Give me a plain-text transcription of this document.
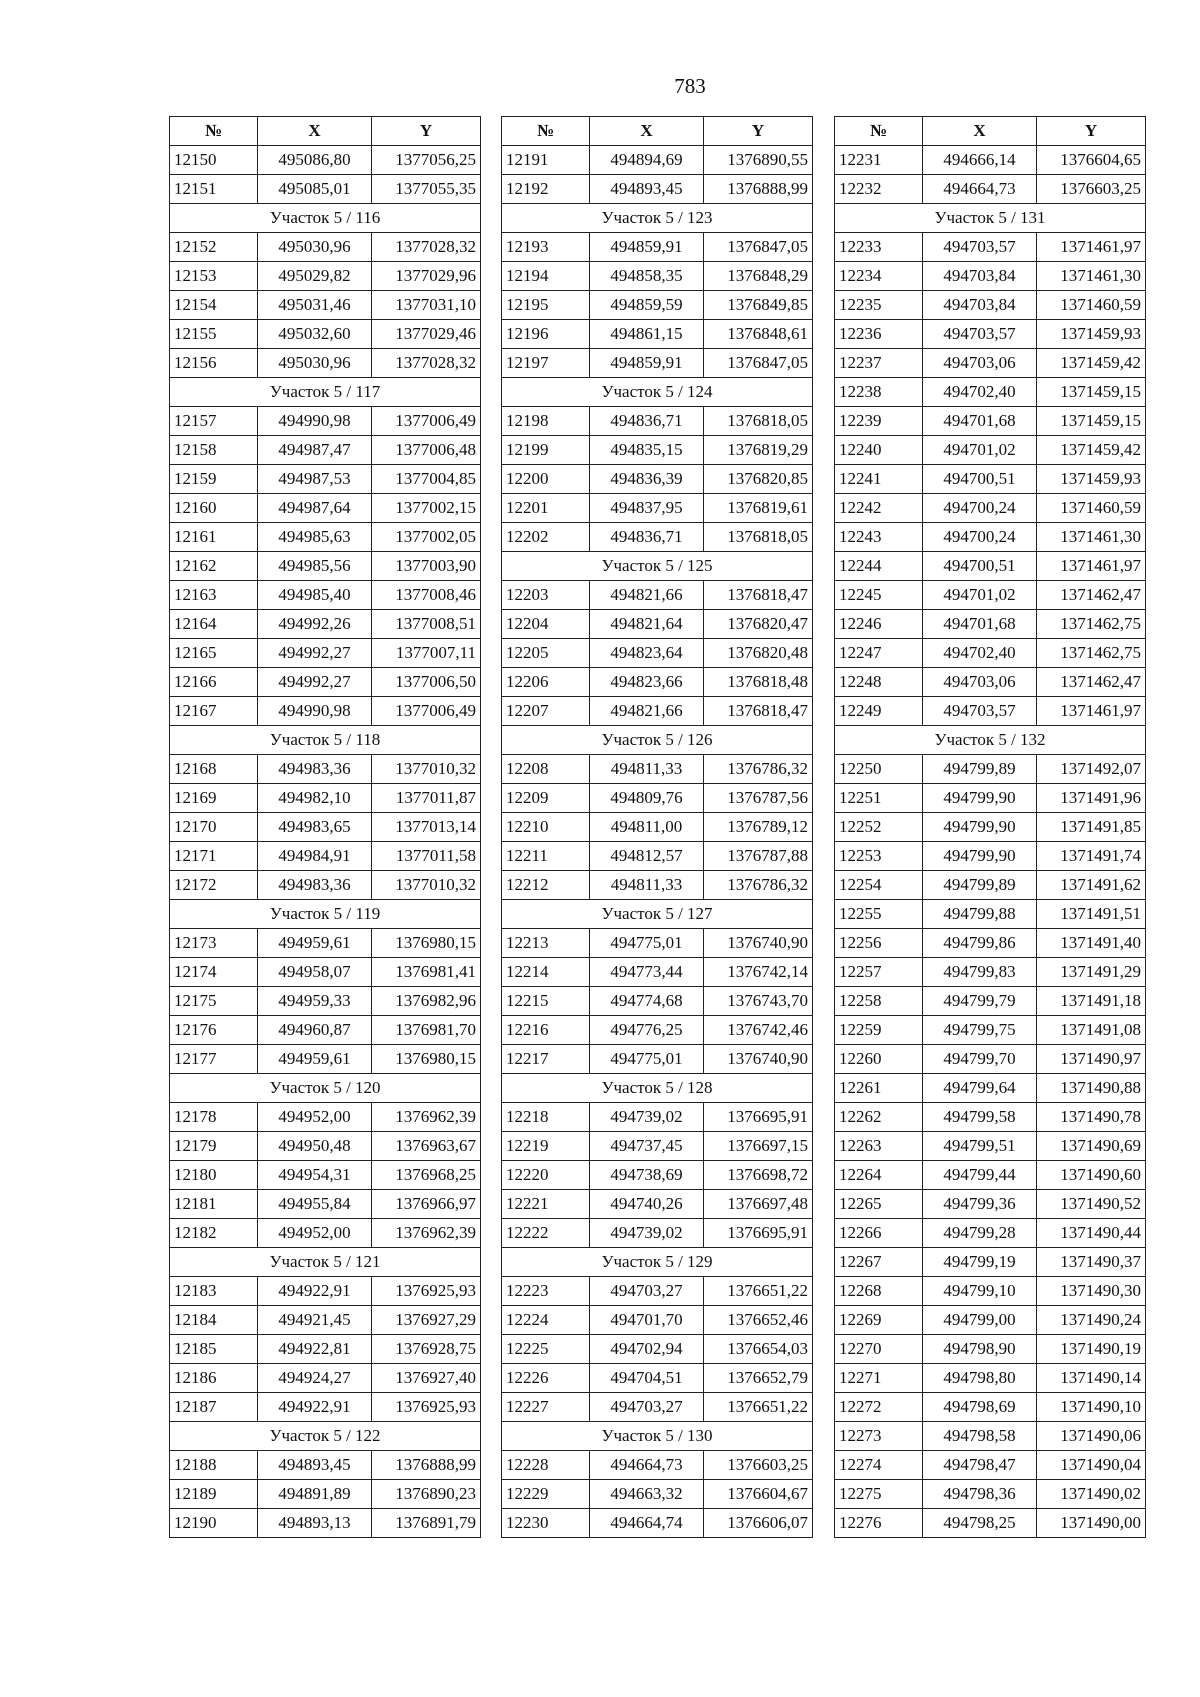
783
№	X	Y
12150	495086,80	1377056,25
12151	495085,01	1377055,35
Участок 5 / 116		
12152	495030,96	1377028,32
12153	495029,82	1377029,96
12154	495031,46	1377031,10
12155	495032,60	1377029,46
12156	495030,96	1377028,32
Участок 5 / 117		
12157	494990,98	1377006,49
12158	494987,47	1377006,48
12159	494987,53	1377004,85
12160	494987,64	1377002,15
12161	494985,63	1377002,05
12162	494985,56	1377003,90
12163	494985,40	1377008,46
12164	494992,26	1377008,51
12165	494992,27	1377007,11
12166	494992,27	1377006,50
12167	494990,98	1377006,49
Участок 5 / 118		
12168	494983,36	1377010,32
12169	494982,10	1377011,87
12170	494983,65	1377013,14
12171	494984,91	1377011,58
12172	494983,36	1377010,32
Участок 5 / 119		
12173	494959,61	1376980,15
12174	494958,07	1376981,41
12175	494959,33	1376982,96
12176	494960,87	1376981,70
12177	494959,61	1376980,15
Участок 5 / 120		
12178	494952,00	1376962,39
12179	494950,48	1376963,67
12180	494954,31	1376968,25
12181	494955,84	1376966,97
12182	494952,00	1376962,39
Участок 5 / 121		
12183	494922,91	1376925,93
12184	494921,45	1376927,29
12185	494922,81	1376928,75
12186	494924,27	1376927,40
12187	494922,91	1376925,93
Участок 5 / 122		
12188	494893,45	1376888,99
12189	494891,89	1376890,23
12190	494893,13	1376891,79
№	X	Y
12191	494894,69	1376890,55
12192	494893,45	1376888,99
Участок 5 / 123		
12193	494859,91	1376847,05
12194	494858,35	1376848,29
12195	494859,59	1376849,85
12196	494861,15	1376848,61
12197	494859,91	1376847,05
Участок 5 / 124		
12198	494836,71	1376818,05
12199	494835,15	1376819,29
12200	494836,39	1376820,85
12201	494837,95	1376819,61
12202	494836,71	1376818,05
Участок 5 / 125		
12203	494821,66	1376818,47
12204	494821,64	1376820,47
12205	494823,64	1376820,48
12206	494823,66	1376818,48
12207	494821,66	1376818,47
Участок 5 / 126		
12208	494811,33	1376786,32
12209	494809,76	1376787,56
12210	494811,00	1376789,12
12211	494812,57	1376787,88
12212	494811,33	1376786,32
Участок 5 / 127		
12213	494775,01	1376740,90
12214	494773,44	1376742,14
12215	494774,68	1376743,70
12216	494776,25	1376742,46
12217	494775,01	1376740,90
Участок 5 / 128		
12218	494739,02	1376695,91
12219	494737,45	1376697,15
12220	494738,69	1376698,72
12221	494740,26	1376697,48
12222	494739,02	1376695,91
Участок 5 / 129		
12223	494703,27	1376651,22
12224	494701,70	1376652,46
12225	494702,94	1376654,03
12226	494704,51	1376652,79
12227	494703,27	1376651,22
Участок 5 / 130		
12228	494664,73	1376603,25
12229	494663,32	1376604,67
12230	494664,74	1376606,07
№	X	Y
12231	494666,14	1376604,65
12232	494664,73	1376603,25
Участок 5 / 131		
12233	494703,57	1371461,97
12234	494703,84	1371461,30
12235	494703,84	1371460,59
12236	494703,57	1371459,93
12237	494703,06	1371459,42
12238	494702,40	1371459,15
12239	494701,68	1371459,15
12240	494701,02	1371459,42
12241	494700,51	1371459,93
12242	494700,24	1371460,59
12243	494700,24	1371461,30
12244	494700,51	1371461,97
12245	494701,02	1371462,47
12246	494701,68	1371462,75
12247	494702,40	1371462,75
12248	494703,06	1371462,47
12249	494703,57	1371461,97
Участок 5 / 132		
12250	494799,89	1371492,07
12251	494799,90	1371491,96
12252	494799,90	1371491,85
12253	494799,90	1371491,74
12254	494799,89	1371491,62
12255	494799,88	1371491,51
12256	494799,86	1371491,40
12257	494799,83	1371491,29
12258	494799,79	1371491,18
12259	494799,75	1371491,08
12260	494799,70	1371490,97
12261	494799,64	1371490,88
12262	494799,58	1371490,78
12263	494799,51	1371490,69
12264	494799,44	1371490,60
12265	494799,36	1371490,52
12266	494799,28	1371490,44
12267	494799,19	1371490,37
12268	494799,10	1371490,30
12269	494799,00	1371490,24
12270	494798,90	1371490,19
12271	494798,80	1371490,14
12272	494798,69	1371490,10
12273	494798,58	1371490,06
12274	494798,47	1371490,04
12275	494798,36	1371490,02
12276	494798,25	1371490,00
